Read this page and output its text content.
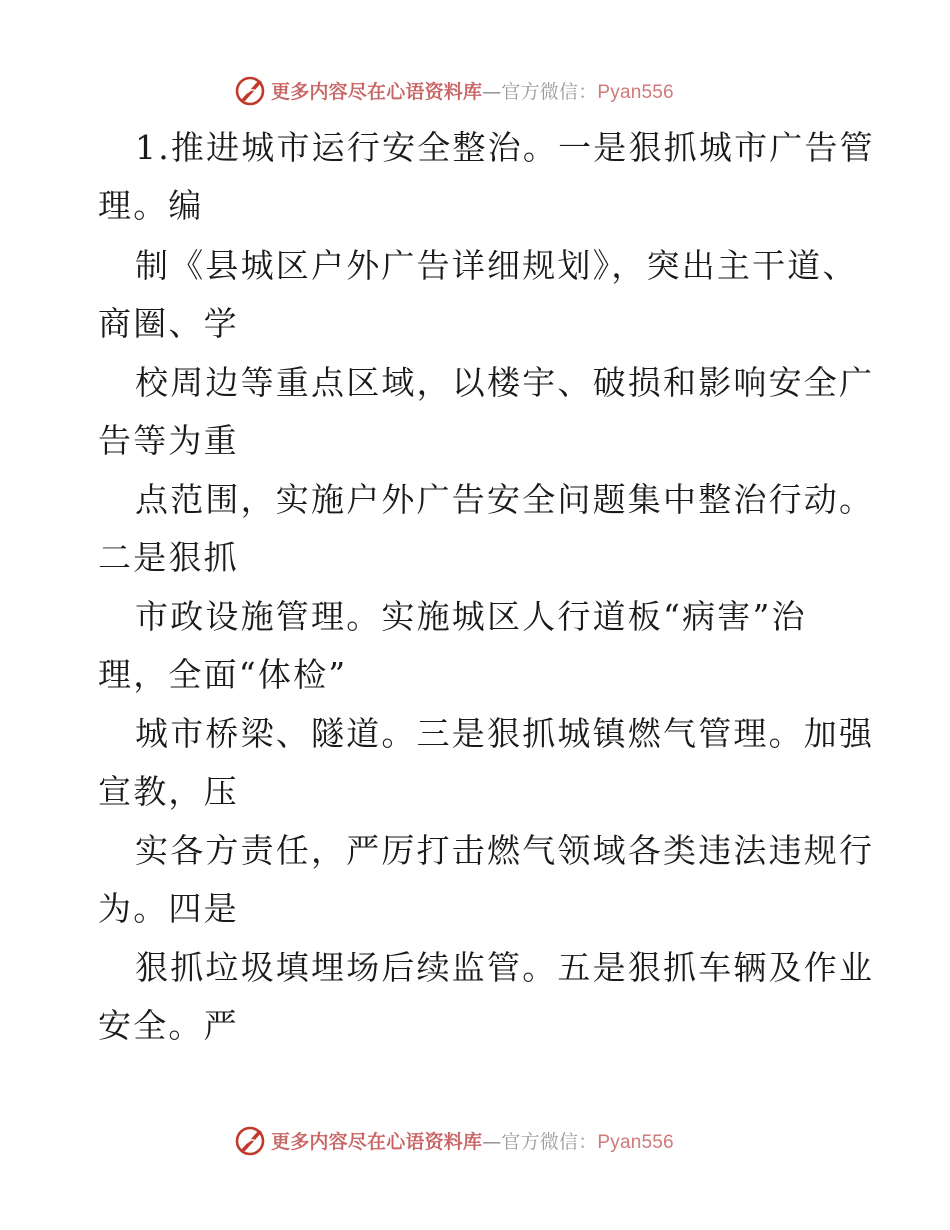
更多内容尽在心语资料库—官方微信：Pyan556
1.推进城市运行安全整治。一是狠抓城市广告管
理。编
制《县城区户外广告详细规划》，突出主干道、
商圈、学
校周边等重点区域，以楼宇、破损和影响安全广
告等为重
点范围，实施户外广告安全问题集中整治行动。
二是狠抓
市政设施管理。实施城区人行道板“病害”治
理，全面“体检”
城市桥梁、隧道。三是狠抓城镇燃气管理。加强
宣教，压
实各方责任，严厉打击燃气领域各类违法违规行
为。四是
狠抓垃圾填埋场后续监管。五是狠抓车辆及作业
安全。严
更多内容尽在心语资料库—官方微信：Pyan556
